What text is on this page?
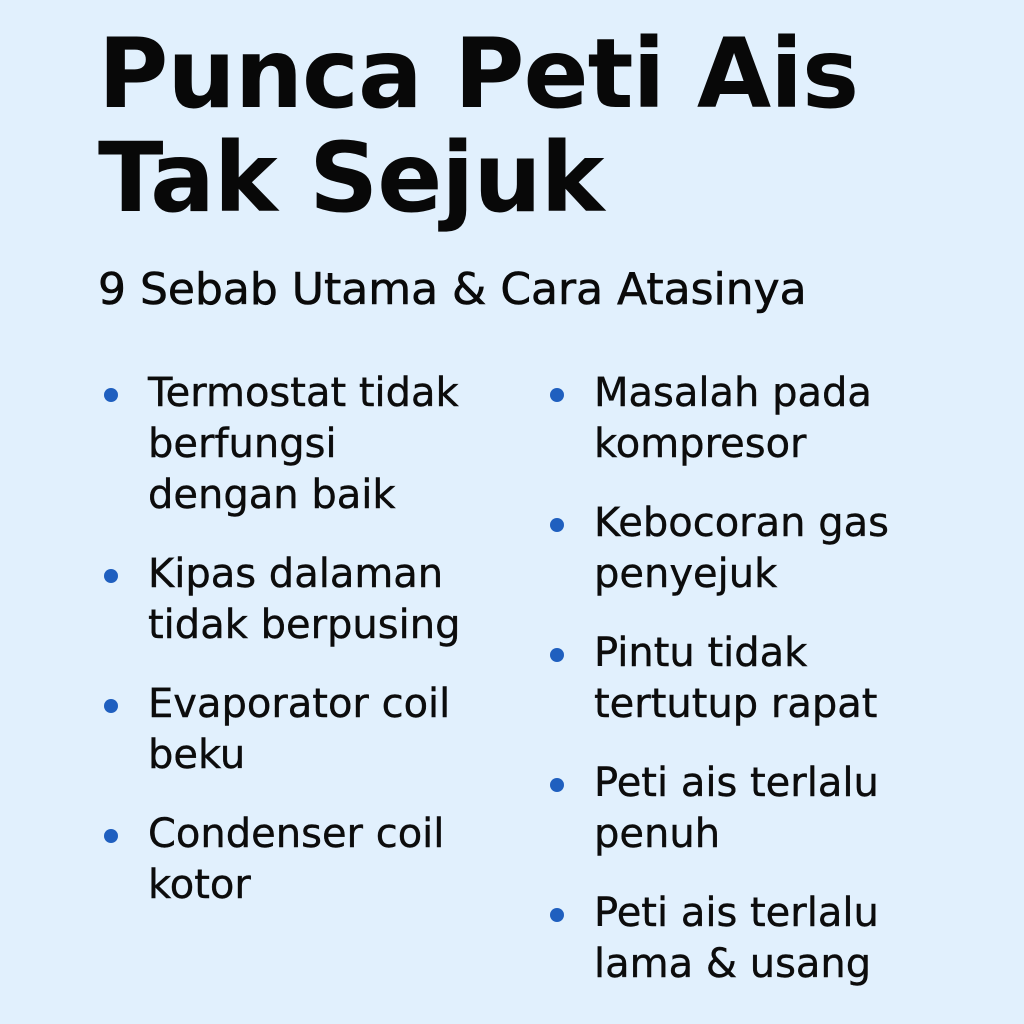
Punca Peti Ais
Tak Sejuk
9 Sebab Utama & Cara Atasinya
Termostat tidak
berfungsi
dengan baik
Kipas dalaman
tidak berpusing
Evaporator coil
beku
Condenser coil
kotor
Masalah pada
kompresor
Kebocoran gas
penyejuk
Pintu tidak
tertutup rapat
Peti ais terlalu
penuh
Peti ais terlalu
lama & usang
